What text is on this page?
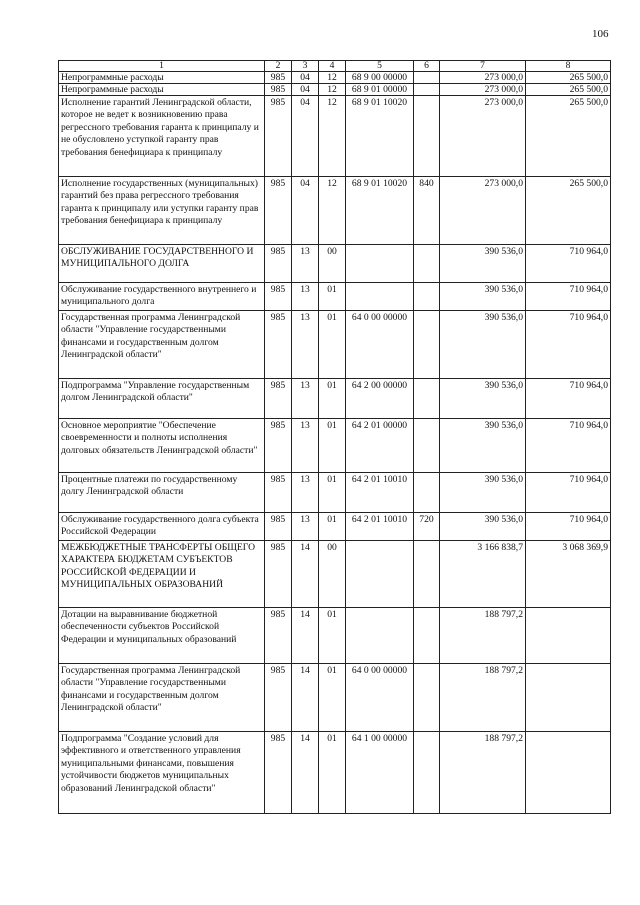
106
1	2	3	4	5	6	7	8
Непрограммные расходы	985	04	12	68 9 00 00000		273 000,0	265 500,0
Непрограммные расходы	985	04	12	68 9 01 00000		273 000,0	265 500,0
Исполнение гарантий Ленинградской области, которое не ведет к возникновению права регрессного требования гаранта к принципалу и не обусловлено уступкой гаранту прав требования бенефициара к принципалу	985	04	12	68 9 01 10020		273 000,0	265 500,0
Исполнение государственных (муниципальных) гарантий без права регрессного требования гаранта к принципалу или уступки гаранту прав требования бенефициара к принципалу	985	04	12	68 9 01 10020	840	273 000,0	265 500,0
ОБСЛУЖИВАНИЕ ГОСУДАРСТВЕННОГО И МУНИЦИПАЛЬНОГО ДОЛГА	985	13	00			390 536,0	710 964,0
Обслуживание государственного внутреннего и муниципального долга	985	13	01			390 536,0	710 964,0
Государственная программа Ленинградской области "Управление государственными финансами и государственным долгом Ленинградской области"	985	13	01	64 0 00 00000		390 536,0	710 964,0
Подпрограмма "Управление государственным долгом Ленинградской области"	985	13	01	64 2 00 00000		390 536,0	710 964,0
Основное мероприятие "Обеспечение своевременности и полноты исполнения долговых обязательств Ленинградской области"	985	13	01	64 2 01 00000		390 536,0	710 964,0
Процентные платежи по государственному долгу Ленинградской области	985	13	01	64 2 01 10010		390 536,0	710 964,0
Обслуживание государственного долга субъекта Российской Федерации	985	13	01	64 2 01 10010	720	390 536,0	710 964,0
МЕЖБЮДЖЕТНЫЕ ТРАНСФЕРТЫ ОБЩЕГО ХАРАКТЕРА БЮДЖЕТАМ СУБЪЕКТОВ РОССИЙСКОЙ ФЕДЕРАЦИИ И МУНИЦИПАЛЬНЫХ ОБРАЗОВАНИЙ	985	14	00			3 166 838,7	3 068 369,9
Дотации на выравнивание бюджетной обеспеченности субъектов Российской Федерации и муниципальных образований	985	14	01			188 797,2	
Государственная программа Ленинградской области "Управление государственными финансами и государственным долгом Ленинградской области"	985	14	01	64 0 00 00000		188 797,2	
Подпрограмма "Создание условий для эффективного и ответственного управления муниципальными финансами, повышения устойчивости бюджетов муниципальных образований Ленинградской области"	985	14	01	64 1 00 00000		188 797,2	
